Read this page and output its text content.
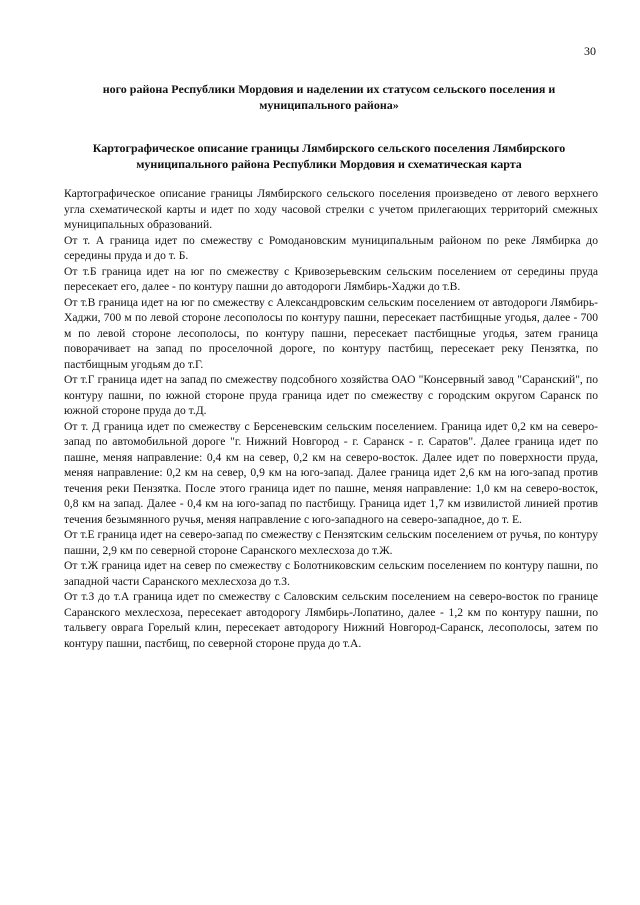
30
ного района Республики Мордовия и наделении их статусом сельского поселения и муниципального района»
Картографическое описание границы Лямбирского сельского поселения Лямбирского муниципального района Республики Мордовия и схематическая карта

Картографическое описание границы Лямбирского сельского поселения произведено от левого верхнего угла схематической карты и идет по ходу часовой стрелки с учетом прилегающих территорий смежных муниципальных образований.

От т. А граница идет по смежеству с Ромодановским муниципальным районом по реке Лямбирка до середины пруда и до т. Б.

От т.Б граница идет на юг по смежеству с Кривозерьевским сельским поселением от середины пруда пересекает его, далее - по контуру пашни до автодороги Лямбирь-Хаджи до т.В.

От т.В граница идет на юг по смежеству с Александровским сельским поселением от автодороги Лямбирь-Хаджи, 700 м по левой стороне лесополосы по контуру пашни, пересекает пастбищные угодья, далее - 700 м по левой стороне лесополосы, по контуру пашни, пересекает пастбищные угодья, затем граница поворачивает на запад по проселочной дороге, по контуру пастбищ, пересекает реку Пензятка, по пастбищным угодьям до т.Г.

От т.Г граница идет на запад по смежеству подсобного хозяйства ОАО "Консервный завод "Саранский", по контуру пашни, по южной стороне пруда граница идет по смежеству с городским округом Саранск по южной стороне пруда до т.Д.

От т. Д граница идет по смежеству с Берсеневским сельским поселением. Граница идет 0,2 км на северо-запад по автомобильной дороге "г. Нижний Новгород - г. Саранск - г. Саратов". Далее граница идет по пашне, меняя направление: 0,4 км на север, 0,2 км на северо-восток. Далее идет по поверхности пруда, меняя направление: 0,2 км на север, 0,9 км на юго-запад. Далее граница идет 2,6 км на юго-запад против течения реки Пензятка. После этого граница идет по пашне, меняя направление: 1,0 км на северо-восток, 0,8 км на запад. Далее - 0,4 км на юго-запад по пастбищу. Граница идет 1,7 км извилистой линией против течения безымянного ручья, меняя направление с юго-западного на северо-западное, до т. Е.

От т.Е граница идет на северо-запад по смежеству с Пензятским сельским поселением от ручья, по контуру пашни, 2,9 км по северной стороне Саранского мехлесхоза до т.Ж.

От т.Ж граница идет на север по смежеству с Болотниковским сельским поселением по контуру пашни, по западной части Саранского мехлесхоза до т.З.

От т.З до т.А граница идет по смежеству с Саловским сельским поселением на северо-восток по границе Саранского мехлесхоза, пересекает автодорогу Лямбирь-Лопатино, далее - 1,2 км по контуру пашни, по тальвегу оврага Горелый клин, пересекает автодорогу Нижний Новгород-Саранск, лесополосы, затем по контуру пашни, пастбищ, по северной стороне пруда до т.А.
